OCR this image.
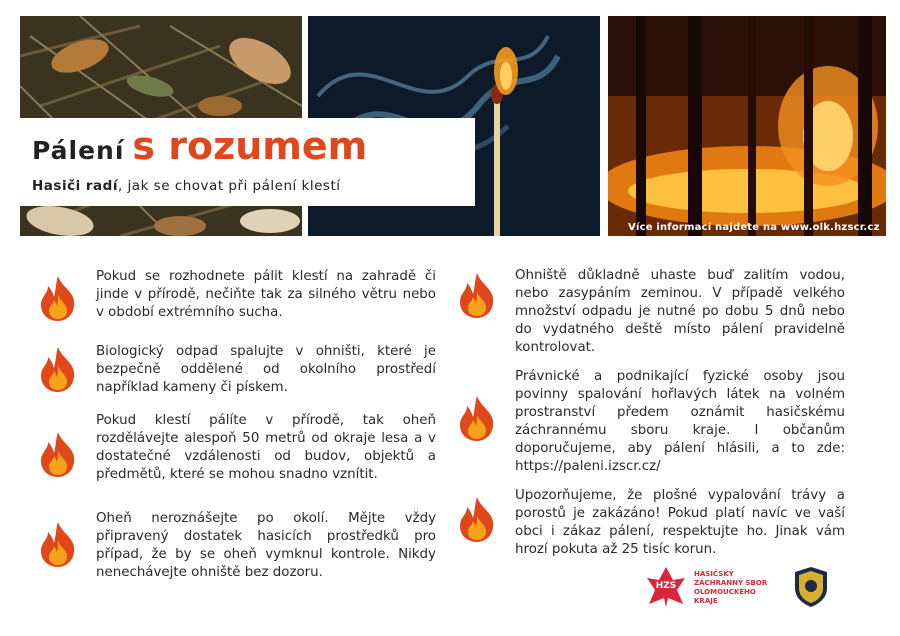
Pálení s rozumem
Hasiči radí, jak se chovat při pálení klestí
Více informací najdete na www.olk.hzscr.cz

Pokud se rozhodnete pálit klestí na zahradě či jinde v přírodě, nečiňte tak za silného větru nebo v období extrémního sucha.

Biologický odpad spalujte v ohništi, které je bezpečně oddělené od okolního prostředí například kameny či pískem.

Pokud klestí pálíte v přírodě, tak oheň rozdělávejte alespoň 50 metrů od okraje lesa a v dostatečné vzdálenosti od budov, objektů a předmětů, které se mohou snadno vznítit.

Oheň neroznášejte po okolí. Mějte vždy připravený dostatek hasicích prostředků pro případ, že by se oheň vymknul kontrole. Nikdy nenechávejte ohniště bez dozoru.

Ohniště důkladně uhaste buď zalitím vodou, nebo zasypáním zeminou. V případě velkého množství odpadu je nutné po dobu 5 dnů nebo do vydatného deště místo pálení pravidelně kontrolovat.

Právnické a podnikající fyzické osoby jsou povinny spalování hořlavých látek na volném prostranství předem oznámit hasičskému záchrannému sboru kraje. I občanům doporučujeme, aby pálení hlásili, a to zde: https://paleni.izscr.cz/

Upozorňujeme, že plošné vypalování trávy a porostů je zakázáno! Pokud platí navíc ve vaší obci i zákaz pálení, respektujte ho. Jinak vám hrozí pokuta až 25 tisíc korun.

HZS
HASIČSKÝ
ZÁCHRANNÝ SBOR
OLOMOUCKÉHO
KRAJE
